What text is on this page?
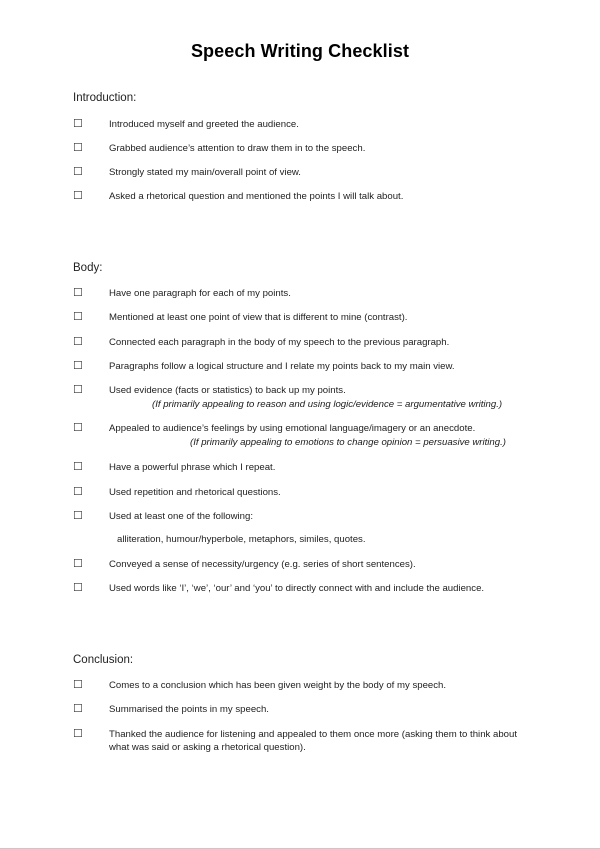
Speech Writing Checklist
Introduction:
☐	Introduced myself and greeted the audience.
☐	Grabbed audience’s attention to draw them in to the speech.
☐	Strongly stated my main/overall point of view.
☐	Asked a rhetorical question and mentioned the points I will talk about.
Body:
☐	Have one paragraph for each of my points.
☐	Mentioned at least one point of view that is different to mine (contrast).
☐	Connected each paragraph in the body of my speech to the previous paragraph.
☐	Paragraphs follow a logical structure and I relate my points back to my main view.
☐	Used evidence (facts or statistics) to back up my points.
(If primarily appealing to reason and using logic/evidence = argumentative writing.)
☐	Appealed to audience’s feelings by using emotional language/imagery or an anecdote.
(If primarily appealing to emotions to change opinion = persuasive writing.)
☐	Have a powerful phrase which I repeat.
☐	Used repetition and rhetorical questions.
☐	Used at least one of the following:
alliteration, humour/hyperbole, metaphors, similes, quotes.
☐	Conveyed a sense of necessity/urgency (e.g. series of short sentences).
☐	Used words like ‘I’, ‘we’, ‘our’ and ‘you’ to directly connect with and include the audience.
Conclusion:
☐	Comes to a conclusion which has been given weight by the body of my speech.
☐	Summarised the points in my speech.
☐	Thanked the audience for listening and appealed to them once more (asking them to think about what was said or asking a rhetorical question).
